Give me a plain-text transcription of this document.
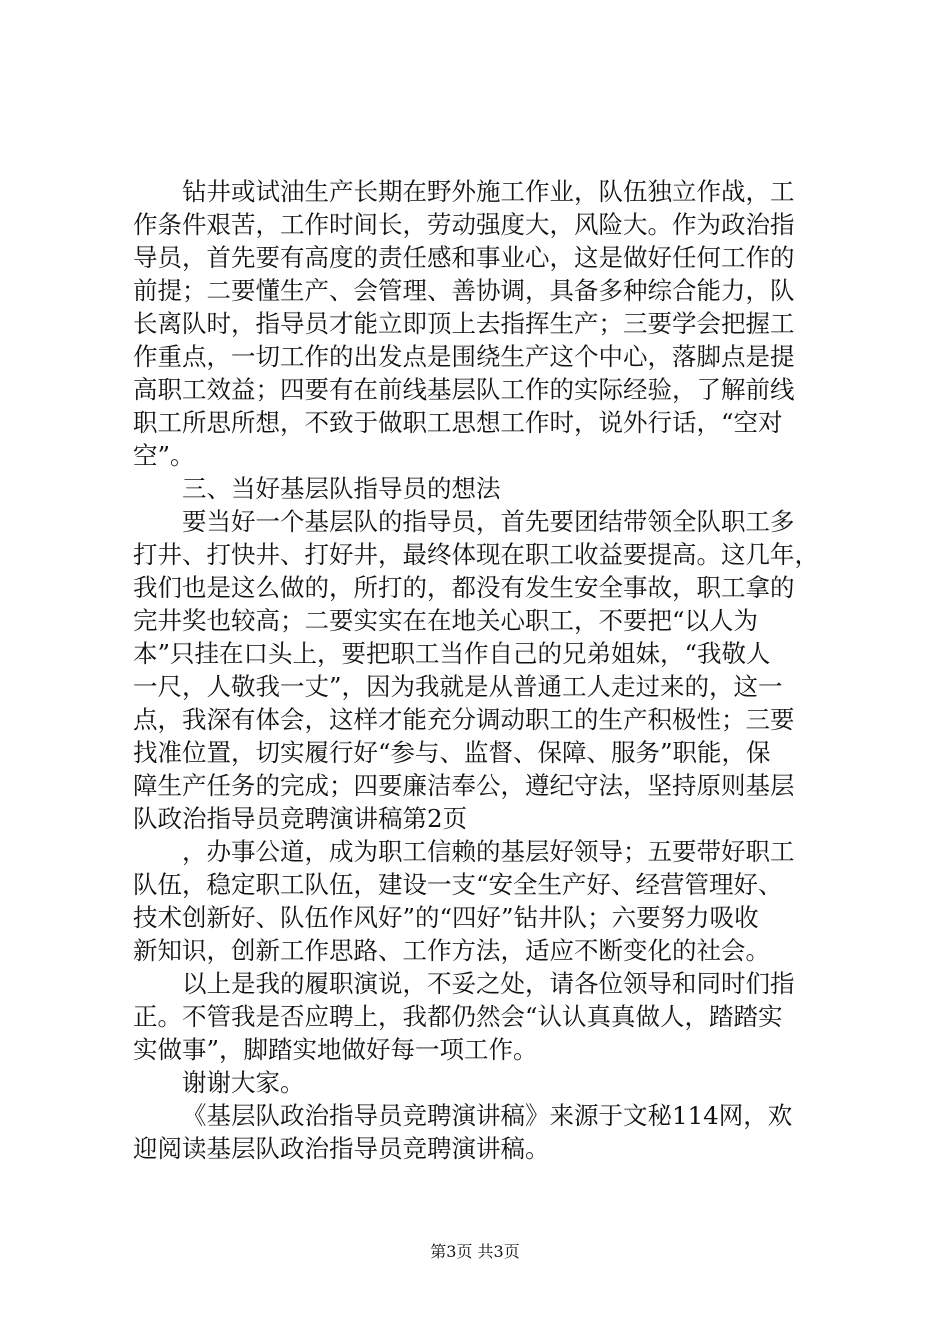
钻井或试油生产长期在野外施工作业，队伍独立作战，工
作条件艰苦，工作时间长，劳动强度大，风险大。作为政治指
导员，首先要有高度的责任感和事业心，这是做好任何工作的
前提；二要懂生产、会管理、善协调，具备多种综合能力，队
长离队时，指导员才能立即顶上去指挥生产；三要学会把握工
作重点，一切工作的出发点是围绕生产这个中心，落脚点是提
高职工效益；四要有在前线基层队工作的实际经验，了解前线
职工所思所想，不致于做职工思想工作时，说外行话，“空对
空”。
三、当好基层队指导员的想法
要当好一个基层队的指导员，首先要团结带领全队职工多
打井、打快井、打好井，最终体现在职工收益要提高。这几年，
我们也是这么做的，所打的，都没有发生安全事故，职工拿的
完井奖也较高；二要实实在在地关心职工，不要把“以人为
本”只挂在口头上，要把职工当作自己的兄弟姐妹，“我敬人
一尺，人敬我一丈”，因为我就是从普通工人走过来的，这一
点，我深有体会，这样才能充分调动职工的生产积极性；三要
找准位置，切实履行好“参与、监督、保障、服务”职能，保
障生产任务的完成；四要廉洁奉公，遵纪守法，坚持原则基层
队政治指导员竞聘演讲稿第2页
，办事公道，成为职工信赖的基层好领导；五要带好职工
队伍，稳定职工队伍，建设一支“安全生产好、经营管理好、
技术创新好、队伍作风好”的“四好”钻井队；六要努力吸收
新知识，创新工作思路、工作方法，适应不断变化的社会。
以上是我的履职演说，不妥之处，请各位领导和同时们指
正。不管我是否应聘上，我都仍然会“认认真真做人，踏踏实
实做事”，脚踏实地做好每一项工作。
谢谢大家。
《基层队政治指导员竞聘演讲稿》来源于文秘114网，欢
迎阅读基层队政治指导员竞聘演讲稿。
第3页 共3页
